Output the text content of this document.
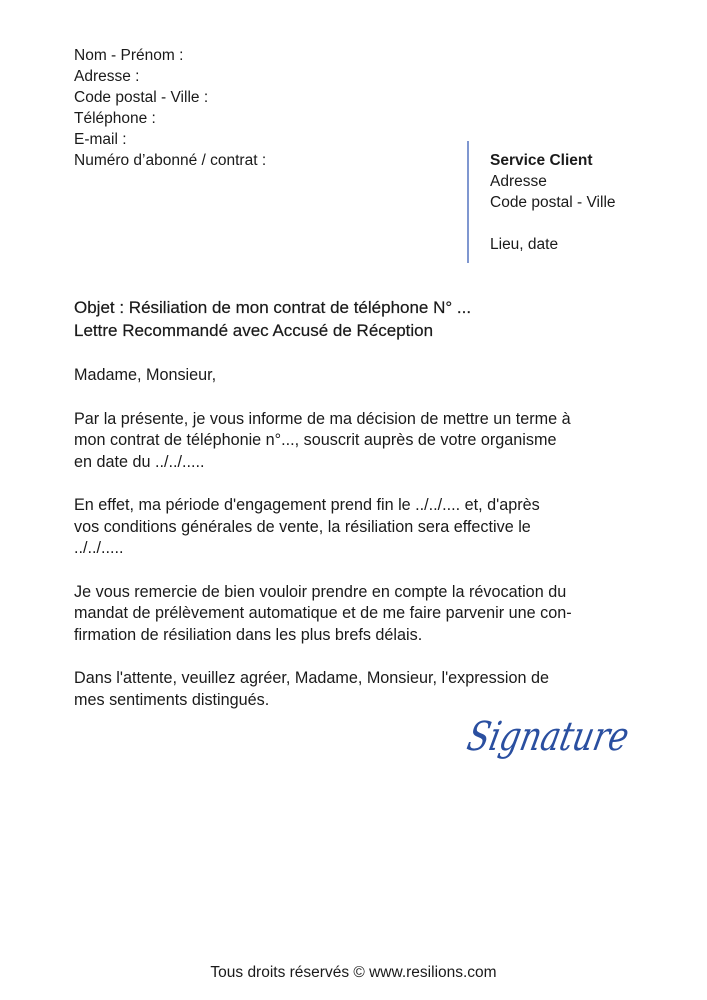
Nom - Prénom :
Adresse :
Code postal - Ville :
Téléphone :
E-mail :
Numéro d’abonné / contrat :	Service Client
Adresse
Code postal - Ville

Lieu, date
Objet : Résiliation de mon contrat de téléphone N° ...
Lettre Recommandé avec Accusé de Réception
Madame, Monsieur,
Par la présente, je vous informe de ma décision de mettre un terme à
mon contrat de téléphonie n°..., souscrit auprès de votre organisme
en date du ../../.....
En effet, ma période d'engagement prend fin le ../../.... et, d'après
vos conditions générales de vente, la résiliation sera effective le
../../.....
Je vous remercie de bien vouloir prendre en compte la révocation du
mandat de prélèvement automatique et de me faire parvenir une con-
firmation de résiliation dans les plus brefs délais.
Dans l'attente, veuillez agréer, Madame, Monsieur, l'expression de
mes sentiments distingués.
Signature
Tous droits réservés © www.resilions.com
